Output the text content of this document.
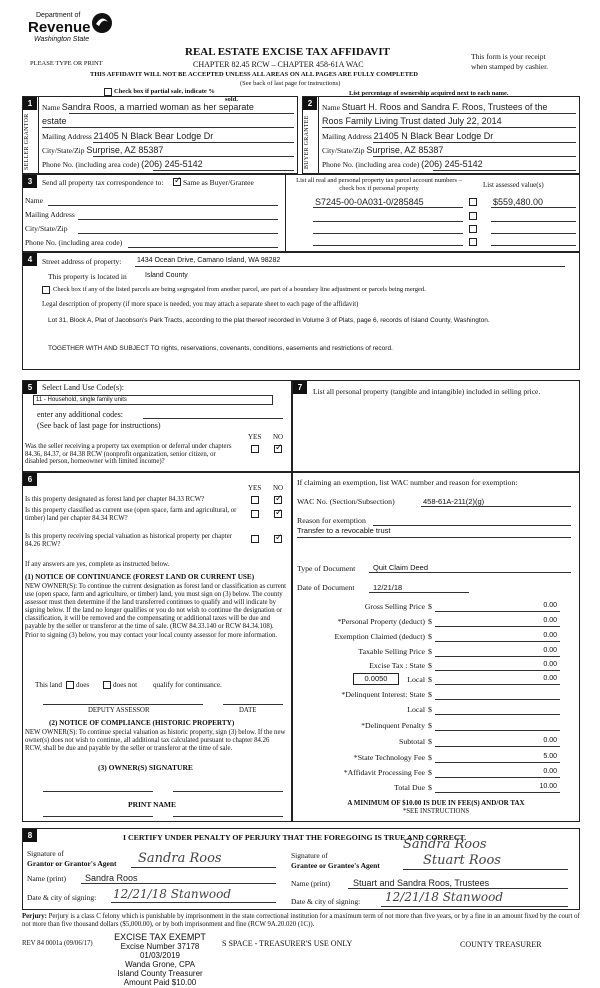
Department of
Revenue
Washington State
PLEASE TYPE OR PRINT
REAL ESTATE EXCISE TAX AFFIDAVIT
CHAPTER 82.45 RCW – CHAPTER 458-61A WAC
This form is your receipt
when stamped by cashier.
THIS AFFIDAVIT WILL NOT BE ACCEPTED UNLESS ALL AREAS ON ALL PAGES ARE FULLY COMPLETED
(See back of last page for instructions)
Check box if partial sale, indicate %
sold.
List percentage of ownership acquired next to each name.
1
SELLER GRANTOR
Name Sandra Roos, a married woman as her separate
estate
Mailing Address 21405 N Black Bear Lodge Dr
City/State/Zip Surprise, AZ 85387
Phone No. (including area code) (206) 245-5142
2
BUYER GRANTEE
Name Stuart H. Roos and Sandra F. Roos, Trustees of the
Roos Family Living Trust dated July 22, 2014
Mailing Address 21405 N Black Bear Lodge Dr
City/State/Zip Surprise, AZ 85387
Phone No. (including area code) (206) 245-5142
3	Send all property tax correspondence to:
✓	Same as Buyer/Grantee
Name
Mailing Address
City/State/Zip
Phone No. (including area code)
List all real and personal property tax parcel account numbers – check box if personal property	List assessed value(s)
S7245-00-0A031-0/285845	$559,480.00
4	Street address of property: 1434 Ocean Drive, Camano Island, WA 98282
This property is located in	Island County
Check box if any of the listed parcels are being segregated from another parcel, are part of a boundary line adjustment or parcels being merged.
Legal description of property (if more space is needed, you may attach a separate sheet to each page of the affidavit)
Lot 31, Block A, Plat of Jacobson's Park Tracts, according to the plat thereof recorded in Volume 3 of Plats, page 6, records of Island County, Washington.
TOGETHER WITH AND SUBJECT TO rights, reservations, covenants, conditions, easements and restrictions of record.
5	Select Land Use Code(s):
11 - Household, single family units
enter any additional codes:
(See back of last page for instructions)
YES NO
Was the seller receiving a property tax exemption or deferral under chapters 84.36, 84.37, or 84.38 RCW (nonprofit organization, senior citizen, or disabled person, homeowner with limited income)?
✓
7	List all personal property (tangible and intangible) included in selling price.
6
YES NO
Is this property designated as forest land per chapter 84.33 RCW?
✓
Is this property classified as current use (open space, farm and agricultural, or timber) land per chapter 84.34 RCW?
✓
Is this property receiving special valuation as historical property per chapter 84.26 RCW?
✓
If any answers are yes, complete as instructed below.
(1) NOTICE OF CONTINUANCE (FOREST LAND OR CURRENT USE)
NEW OWNER(S): To continue the current designation as forest land or classification as current use (open space, farm and agriculture, or timber) land, you must sign on (3) below. The county assessor must then determine if the land transferred continues to qualify and will indicate by signing below. If the land no longer qualifies or you do not wish to continue the designation or classification, it will be removed and the compensating or additional taxes will be due and payable by the seller or transferor at the time of sale. (RCW 84.33.140 or RCW 84.34.108). Prior to signing (3) below, you may contact your local county assessor for more information.
This land does	does not qualify for continuance.
DEPUTY ASSESSOR	DATE
(2) NOTICE OF COMPLIANCE (HISTORIC PROPERTY)
NEW OWNER(S): To continue special valuation as historic property, sign (3) below. If the new owner(s) does not wish to continue, all additional tax calculated pursuant to chapter 84.26 RCW, shall be due and payable by the seller or transferor at the time of sale.
(3) OWNER(S) SIGNATURE
PRINT NAME
If claiming an exemption, list WAC number and reason for exemption:
WAC No. (Section/Subsection)	458-61A-211(2)(g)
Reason for exemption
Transfer to a revocable trust
Type of Document Quit Claim Deed
Date of Document 12/21/18
Gross Selling Price $	0.00
*Personal Property (deduct) $	0.00
Exemption Claimed (deduct) $	0.00
Taxable Selling Price $	0.00
Excise Tax : State $	0.00
0.0050	Local $	0.00
*Delinquent Interest: State $
Local $
*Delinquent Penalty $
Subtotal $	0.00
*State Technology Fee $	5.00
*Affidavit Processing Fee $	0.00
Total Due $	10.00
A MINIMUM OF $10.00 IS DUE IN FEE(S) AND/OR TAX
*SEE INSTRUCTIONS
8	I CERTIFY UNDER PENALTY OF PERJURY THAT THE FOREGOING IS TRUE AND CORRECT.
Signature of
Grantor or Grantor's Agent Sandra Roos
Name (print) Sandra Roos
Date & city of signing: 12/21/18 Stanwood
Sandra Roos
Signature of
Grantee or Grantee's Agent	Stuart Roos
Name (print)	Stuart and Sandra Roos, Trustees
Date & city of signing: 12/21/18 Stanwood
Perjury: Perjury is a class C felony which is punishable by imprisonment in the state correctional institution for a maximum term of not more than five years, or by a fine in an amount fixed by the court of not more than five thousand dollars ($5,000.00), or by both imprisonment and fine (RCW 9A.20.020 (1C)).
REV 84 0001a (09/06/17)
EXCISE TAX EXEMPT
Excise Number 37178
01/03/2019
Wanda Grone, CPA
Island County Treasurer
Amount Paid $10.00
S SPACE - TREASURER'S USE ONLY	COUNTY TREASURER
